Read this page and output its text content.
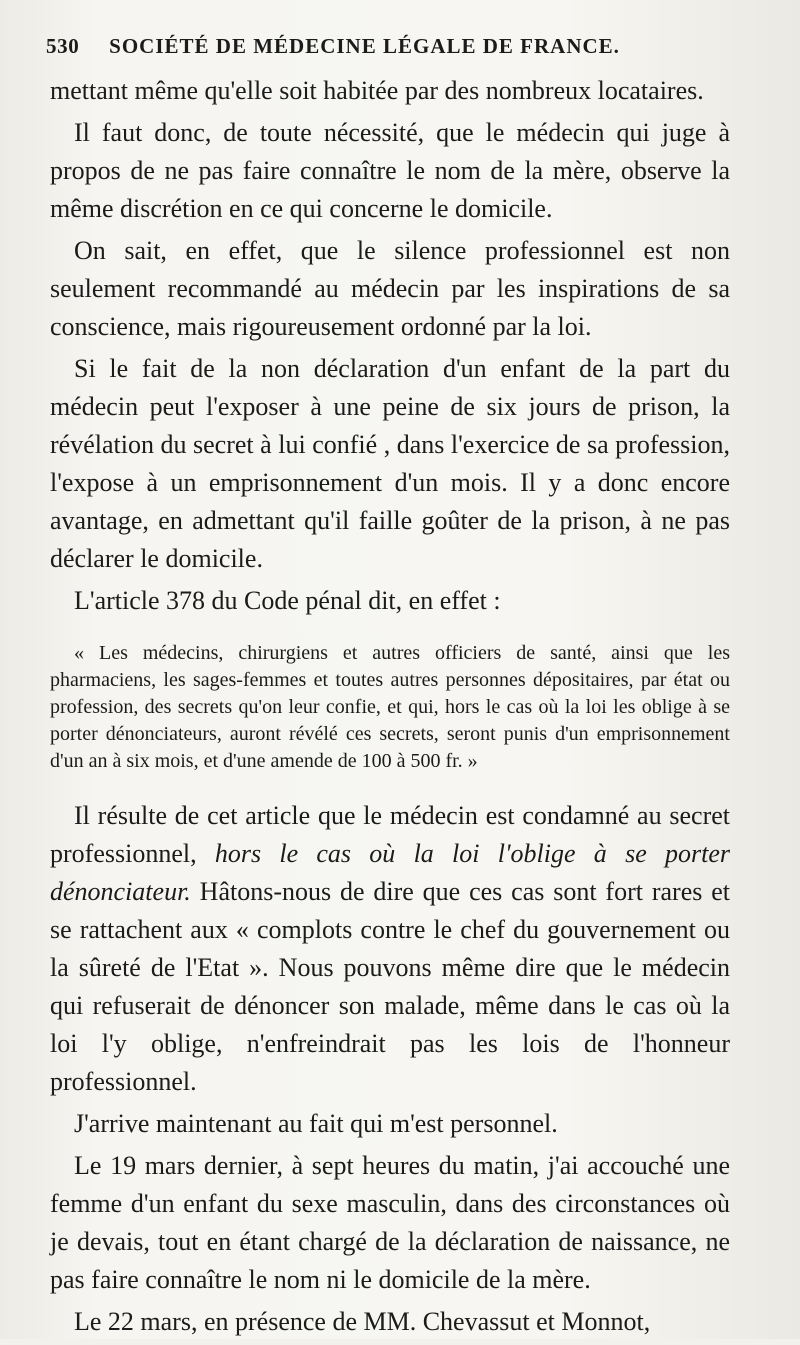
530 SOCIÉTÉ DE MÉDECINE LÉGALE DE FRANCE.

mettant même qu'elle soit habitée par des nombreux locataires.

Il faut donc, de toute nécessité, que le médecin qui juge à propos de ne pas faire connaître le nom de la mère, observe la même discrétion en ce qui concerne le domicile.

On sait, en effet, que le silence professionnel est non seulement recommandé au médecin par les inspirations de sa conscience, mais rigoureusement ordonné par la loi.

Si le fait de la non déclaration d'un enfant de la part du médecin peut l'exposer à une peine de six jours de prison, la révélation du secret à lui confié , dans l'exercice de sa profession, l'expose à un emprisonnement d'un mois. Il y a donc encore avantage, en admettant qu'il faille goûter de la prison, à ne pas déclarer le domicile.

L'article 378 du Code pénal dit, en effet :

« Les médecins, chirurgiens et autres officiers de santé, ainsi que les pharmaciens, les sages-femmes et toutes autres personnes dépositaires, par état ou profession, des secrets qu'on leur confie, et qui, hors le cas où la loi les oblige à se porter dénonciateurs, auront révélé ces secrets, seront punis d'un emprisonnement d'un an à six mois, et d'une amende de 100 à 500 fr. »

Il résulte de cet article que le médecin est condamné au secret professionnel, hors le cas où la loi l'oblige à se porter dénonciateur. Hâtons-nous de dire que ces cas sont fort rares et se rattachent aux « complots contre le chef du gouvernement ou la sûreté de l'Etat ». Nous pouvons même dire que le médecin qui refuserait de dénoncer son malade, même dans le cas où la loi l'y oblige, n'enfreindrait pas les lois de l'honneur professionnel.

J'arrive maintenant au fait qui m'est personnel.

Le 19 mars dernier, à sept heures du matin, j'ai accouché une femme d'un enfant du sexe masculin, dans des circonstances où je devais, tout en étant chargé de la déclaration de naissance, ne pas faire connaître le nom ni le domicile de la mère.

Le 22 mars, en présence de MM. Chevassut et Monnot,
